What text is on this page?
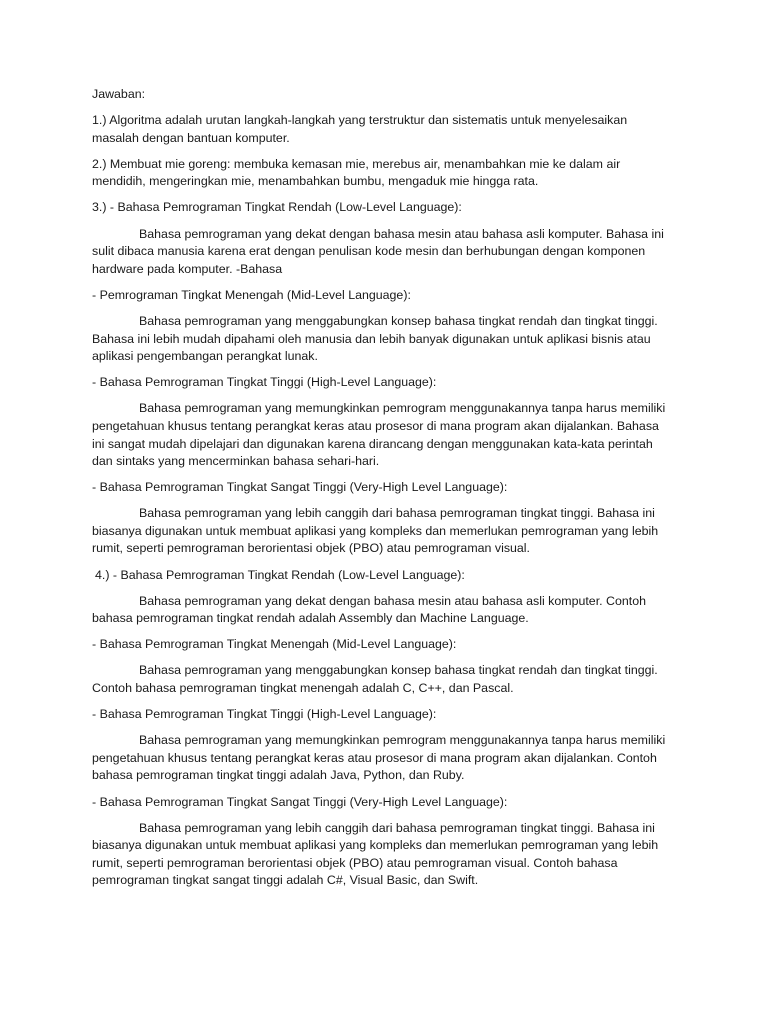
Jawaban:

1.) Algoritma adalah urutan langkah-langkah yang terstruktur dan sistematis untuk menyelesaikan masalah dengan bantuan komputer.

2.) Membuat mie goreng: membuka kemasan mie, merebus air, menambahkan mie ke dalam air mendidih, mengeringkan mie, menambahkan bumbu, mengaduk mie hingga rata.

3.) - Bahasa Pemrograman Tingkat Rendah (Low-Level Language):

Bahasa pemrograman yang dekat dengan bahasa mesin atau bahasa asli komputer. Bahasa ini sulit dibaca manusia karena erat dengan penulisan kode mesin dan berhubungan dengan komponen hardware pada komputer. -Bahasa

- Pemrograman Tingkat Menengah (Mid-Level Language):

Bahasa pemrograman yang menggabungkan konsep bahasa tingkat rendah dan tingkat tinggi. Bahasa ini lebih mudah dipahami oleh manusia dan lebih banyak digunakan untuk aplikasi bisnis atau aplikasi pengembangan perangkat lunak.

- Bahasa Pemrograman Tingkat Tinggi (High-Level Language):

Bahasa pemrograman yang memungkinkan pemrogram menggunakannya tanpa harus memiliki pengetahuan khusus tentang perangkat keras atau prosesor di mana program akan dijalankan. Bahasa ini sangat mudah dipelajari dan digunakan karena dirancang dengan menggunakan kata-kata perintah dan sintaks yang mencerminkan bahasa sehari-hari.

- Bahasa Pemrograman Tingkat Sangat Tinggi (Very-High Level Language):

Bahasa pemrograman yang lebih canggih dari bahasa pemrograman tingkat tinggi. Bahasa ini biasanya digunakan untuk membuat aplikasi yang kompleks dan memerlukan pemrograman yang lebih rumit, seperti pemrograman berorientasi objek (PBO) atau pemrograman visual.

4.) - Bahasa Pemrograman Tingkat Rendah (Low-Level Language):

Bahasa pemrograman yang dekat dengan bahasa mesin atau bahasa asli komputer. Contoh bahasa pemrograman tingkat rendah adalah Assembly dan Machine Language.

- Bahasa Pemrograman Tingkat Menengah (Mid-Level Language):

Bahasa pemrograman yang menggabungkan konsep bahasa tingkat rendah dan tingkat tinggi. Contoh bahasa pemrograman tingkat menengah adalah C, C++, dan Pascal.

- Bahasa Pemrograman Tingkat Tinggi (High-Level Language):

Bahasa pemrograman yang memungkinkan pemrogram menggunakannya tanpa harus memiliki pengetahuan khusus tentang perangkat keras atau prosesor di mana program akan dijalankan. Contoh bahasa pemrograman tingkat tinggi adalah Java, Python, dan Ruby.

- Bahasa Pemrograman Tingkat Sangat Tinggi (Very-High Level Language):

Bahasa pemrograman yang lebih canggih dari bahasa pemrograman tingkat tinggi. Bahasa ini biasanya digunakan untuk membuat aplikasi yang kompleks dan memerlukan pemrograman yang lebih rumit, seperti pemrograman berorientasi objek (PBO) atau pemrograman visual. Contoh bahasa pemrograman tingkat sangat tinggi adalah C#, Visual Basic, dan Swift.
